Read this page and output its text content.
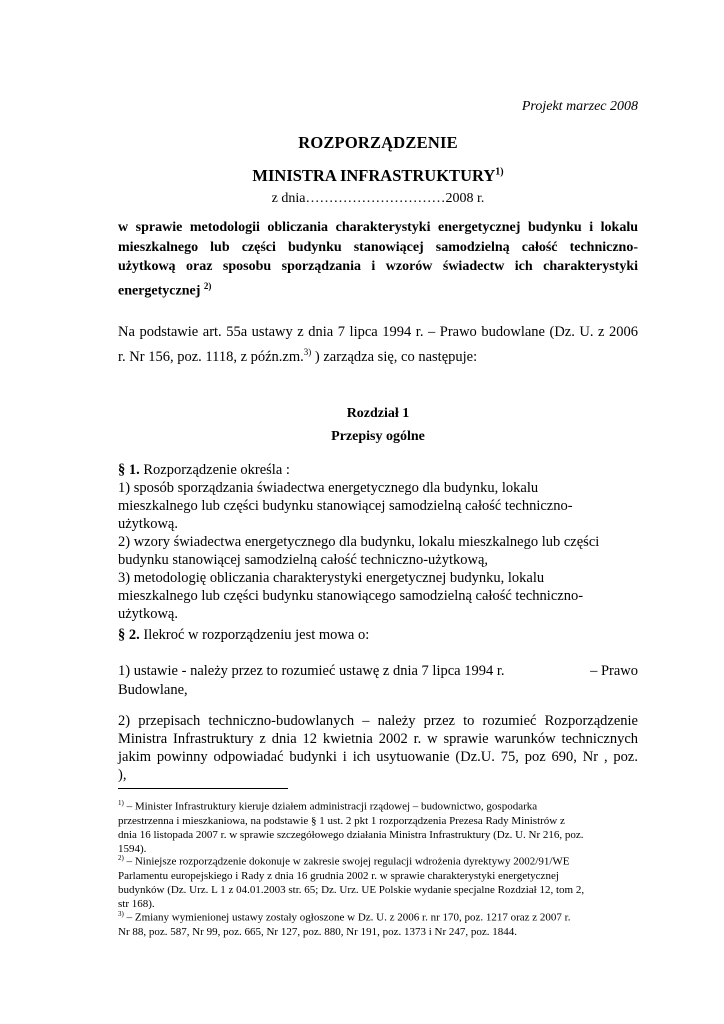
Projekt marzec 2008
ROZPORZĄDZENIE
MINISTRA INFRASTRUKTURY$^{1)}$
z dnia…………………………2008 r.
w sprawie metodologii obliczania charakterystyki energetycznej budynku i lokalu
mieszkalnego lub części budynku stanowiącej samodzielną całość techniczno-
użytkową oraz sposobu sporządzania i wzorów świadectw ich charakterystyki
energetycznej $^{2)}$
Na podstawie art. 55a ustawy z dnia 7 lipca 1994 r. – Prawo budowlane (Dz. U. z 2006
r. Nr 156, poz. 1118, z późn.zm.$^{3)}$ ) zarządza się, co następuje:
Rozdział 1
Przepisy ogólne
§ 1. Rozporządzenie określa :
1) sposób sporządzania świadectwa energetycznego dla budynku, lokalu
mieszkalnego lub części budynku stanowiącej samodzielną całość techniczno-
użytkową.
2) wzory świadectwa energetycznego dla budynku, lokalu mieszkalnego lub części
budynku stanowiącej samodzielną całość techniczno-użytkową,
3) metodologię obliczania charakterystyki energetycznej budynku, lokalu
mieszkalnego lub części budynku stanowiącego samodzielną całość techniczno-
użytkową.
§ 2. Ilekroć w rozporządzeniu jest mowa o:
1) ustawie - należy przez to rozumieć ustawę z dnia 7 lipca 1994 r.	– Prawo
Budowlane,
2) przepisach techniczno-budowlanych – należy przez to rozumieć Rozporządzenie
Ministra Infrastruktury z dnia 12 kwietnia 2002 r. w sprawie warunków technicznych
jakim powinny odpowiadać budynki i ich usytuowanie (Dz.U. 75, poz 690, Nr , poz.
),
$^{1)}$ – Minister Infrastruktury kieruje działem administracji rządowej – budownictwo, gospodarka
przestrzenna i mieszkaniowa, na podstawie § 1 ust. 2 pkt 1 rozporządzenia Prezesa Rady Ministrów z
dnia 16 listopada 2007 r. w sprawie szczegółowego działania Ministra Infrastruktury (Dz. U. Nr 216, poz.
1594).
$^{2)}$ – Niniejsze rozporządzenie dokonuje w zakresie swojej regulacji wdrożenia dyrektywy 2002/91/WE
Parlamentu europejskiego i Rady z dnia 16 grudnia 2002 r. w sprawie charakterystyki energetycznej
budynków (Dz. Urz. L 1 z 04.01.2003 str. 65; Dz. Urz. UE Polskie wydanie specjalne Rozdział 12, tom 2,
str 168).
$^{3)}$ – Zmiany wymienionej ustawy zostały ogłoszone w Dz. U. z 2006 r. nr 170, poz. 1217 oraz z 2007 r.
Nr 88, poz. 587, Nr 99, poz. 665, Nr 127, poz. 880, Nr 191, poz. 1373 i Nr 247, poz. 1844.
